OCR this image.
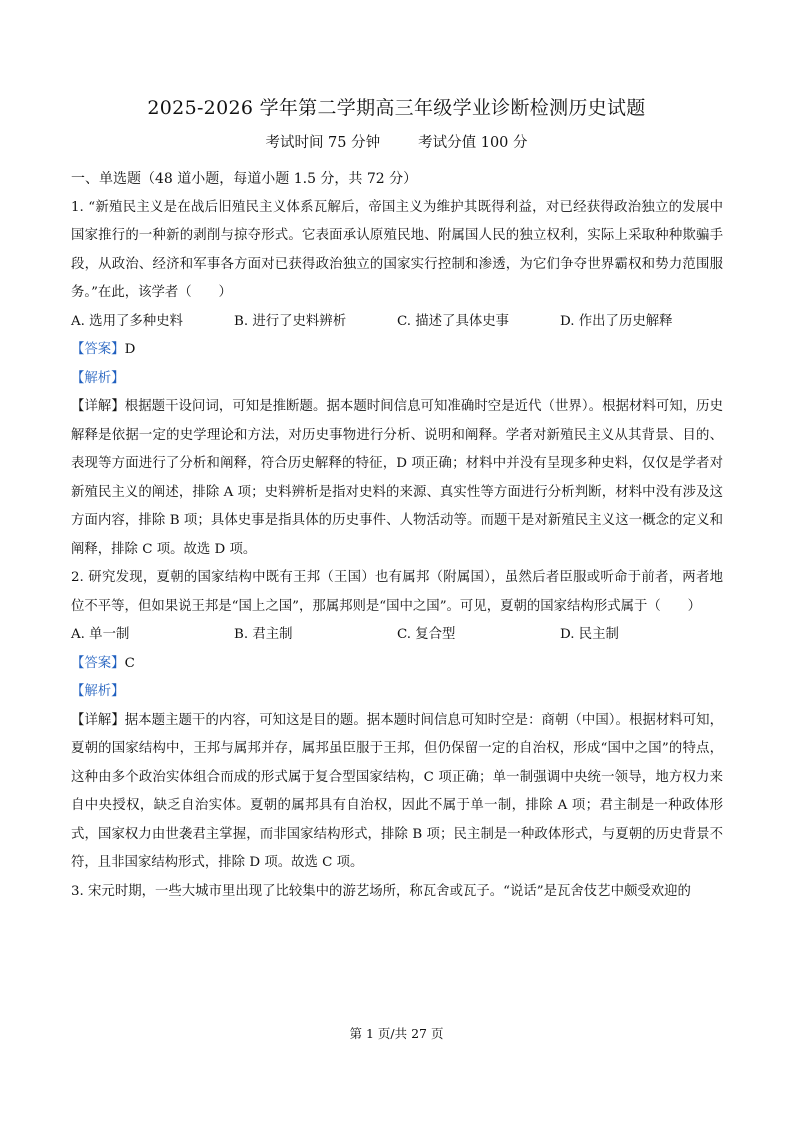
2025-2026 学年第二学期高三年级学业诊断检测历史试题
考试时间 75 分钟	考试分值 100 分

一、单选题（48 道小题，每道小题 1.5 分，共 72 分）

1. “新殖民主义是在战后旧殖民主义体系瓦解后，帝国主义为维护其既得利益，对已经获得政治独立的发展中国家推行的一种新的剥削与掠夺形式。它表面承认原殖民地、附属国人民的独立权利，实际上采取种种欺骗手段，从政治、经济和军事各方面对已获得政治独立的国家实行控制和渗透，为它们争夺世界霸权和势力范围服务。”在此，该学者（　　）

A. 选用了多种史料	B. 进行了史料辨析	C. 描述了具体史事	D. 作出了历史解释

【答案】D

【解析】

【详解】根据题干设问词，可知是推断题。据本题时间信息可知准确时空是近代（世界）。根据材料可知，历史解释是依据一定的史学理论和方法，对历史事物进行分析、说明和阐释。学者对新殖民主义从其背景、目的、表现等方面进行了分析和阐释，符合历史解释的特征，D 项正确；材料中并没有呈现多种史料，仅仅是学者对新殖民主义的阐述，排除 A 项；史料辨析是指对史料的来源、真实性等方面进行分析判断，材料中没有涉及这方面内容，排除 B 项；具体史事是指具体的历史事件、人物活动等。而题干是对新殖民主义这一概念的定义和阐释，排除 C 项。故选 D 项。

2. 研究发现，夏朝的国家结构中既有王邦（王国）也有属邦（附属国），虽然后者臣服或听命于前者，两者地位不平等，但如果说王邦是“国上之国”，那属邦则是“国中之国”。可见，夏朝的国家结构形式属于（　　）

A. 单一制	B. 君主制	C. 复合型	D. 民主制

【答案】C

【解析】

【详解】据本题主题干的内容，可知这是目的题。据本题时间信息可知时空是：商朝（中国）。根据材料可知，夏朝的国家结构中，王邦与属邦并存，属邦虽臣服于王邦，但仍保留一定的自治权，形成“国中之国”的特点，这种由多个政治实体组合而成的形式属于复合型国家结构，C 项正确；单一制强调中央统一领导，地方权力来自中央授权，缺乏自治实体。夏朝的属邦具有自治权，因此不属于单一制，排除 A 项；君主制是一种政体形式，国家权力由世袭君主掌握，而非国家结构形式，排除 B 项；民主制是一种政体形式，与夏朝的历史背景不符，且非国家结构形式，排除 D 项。故选 C 项。

3. 宋元时期，一些大城市里出现了比较集中的游艺场所，称瓦舍或瓦子。“说话”是瓦舍伎艺中颇受欢迎的

第 1 页/共 27 页
